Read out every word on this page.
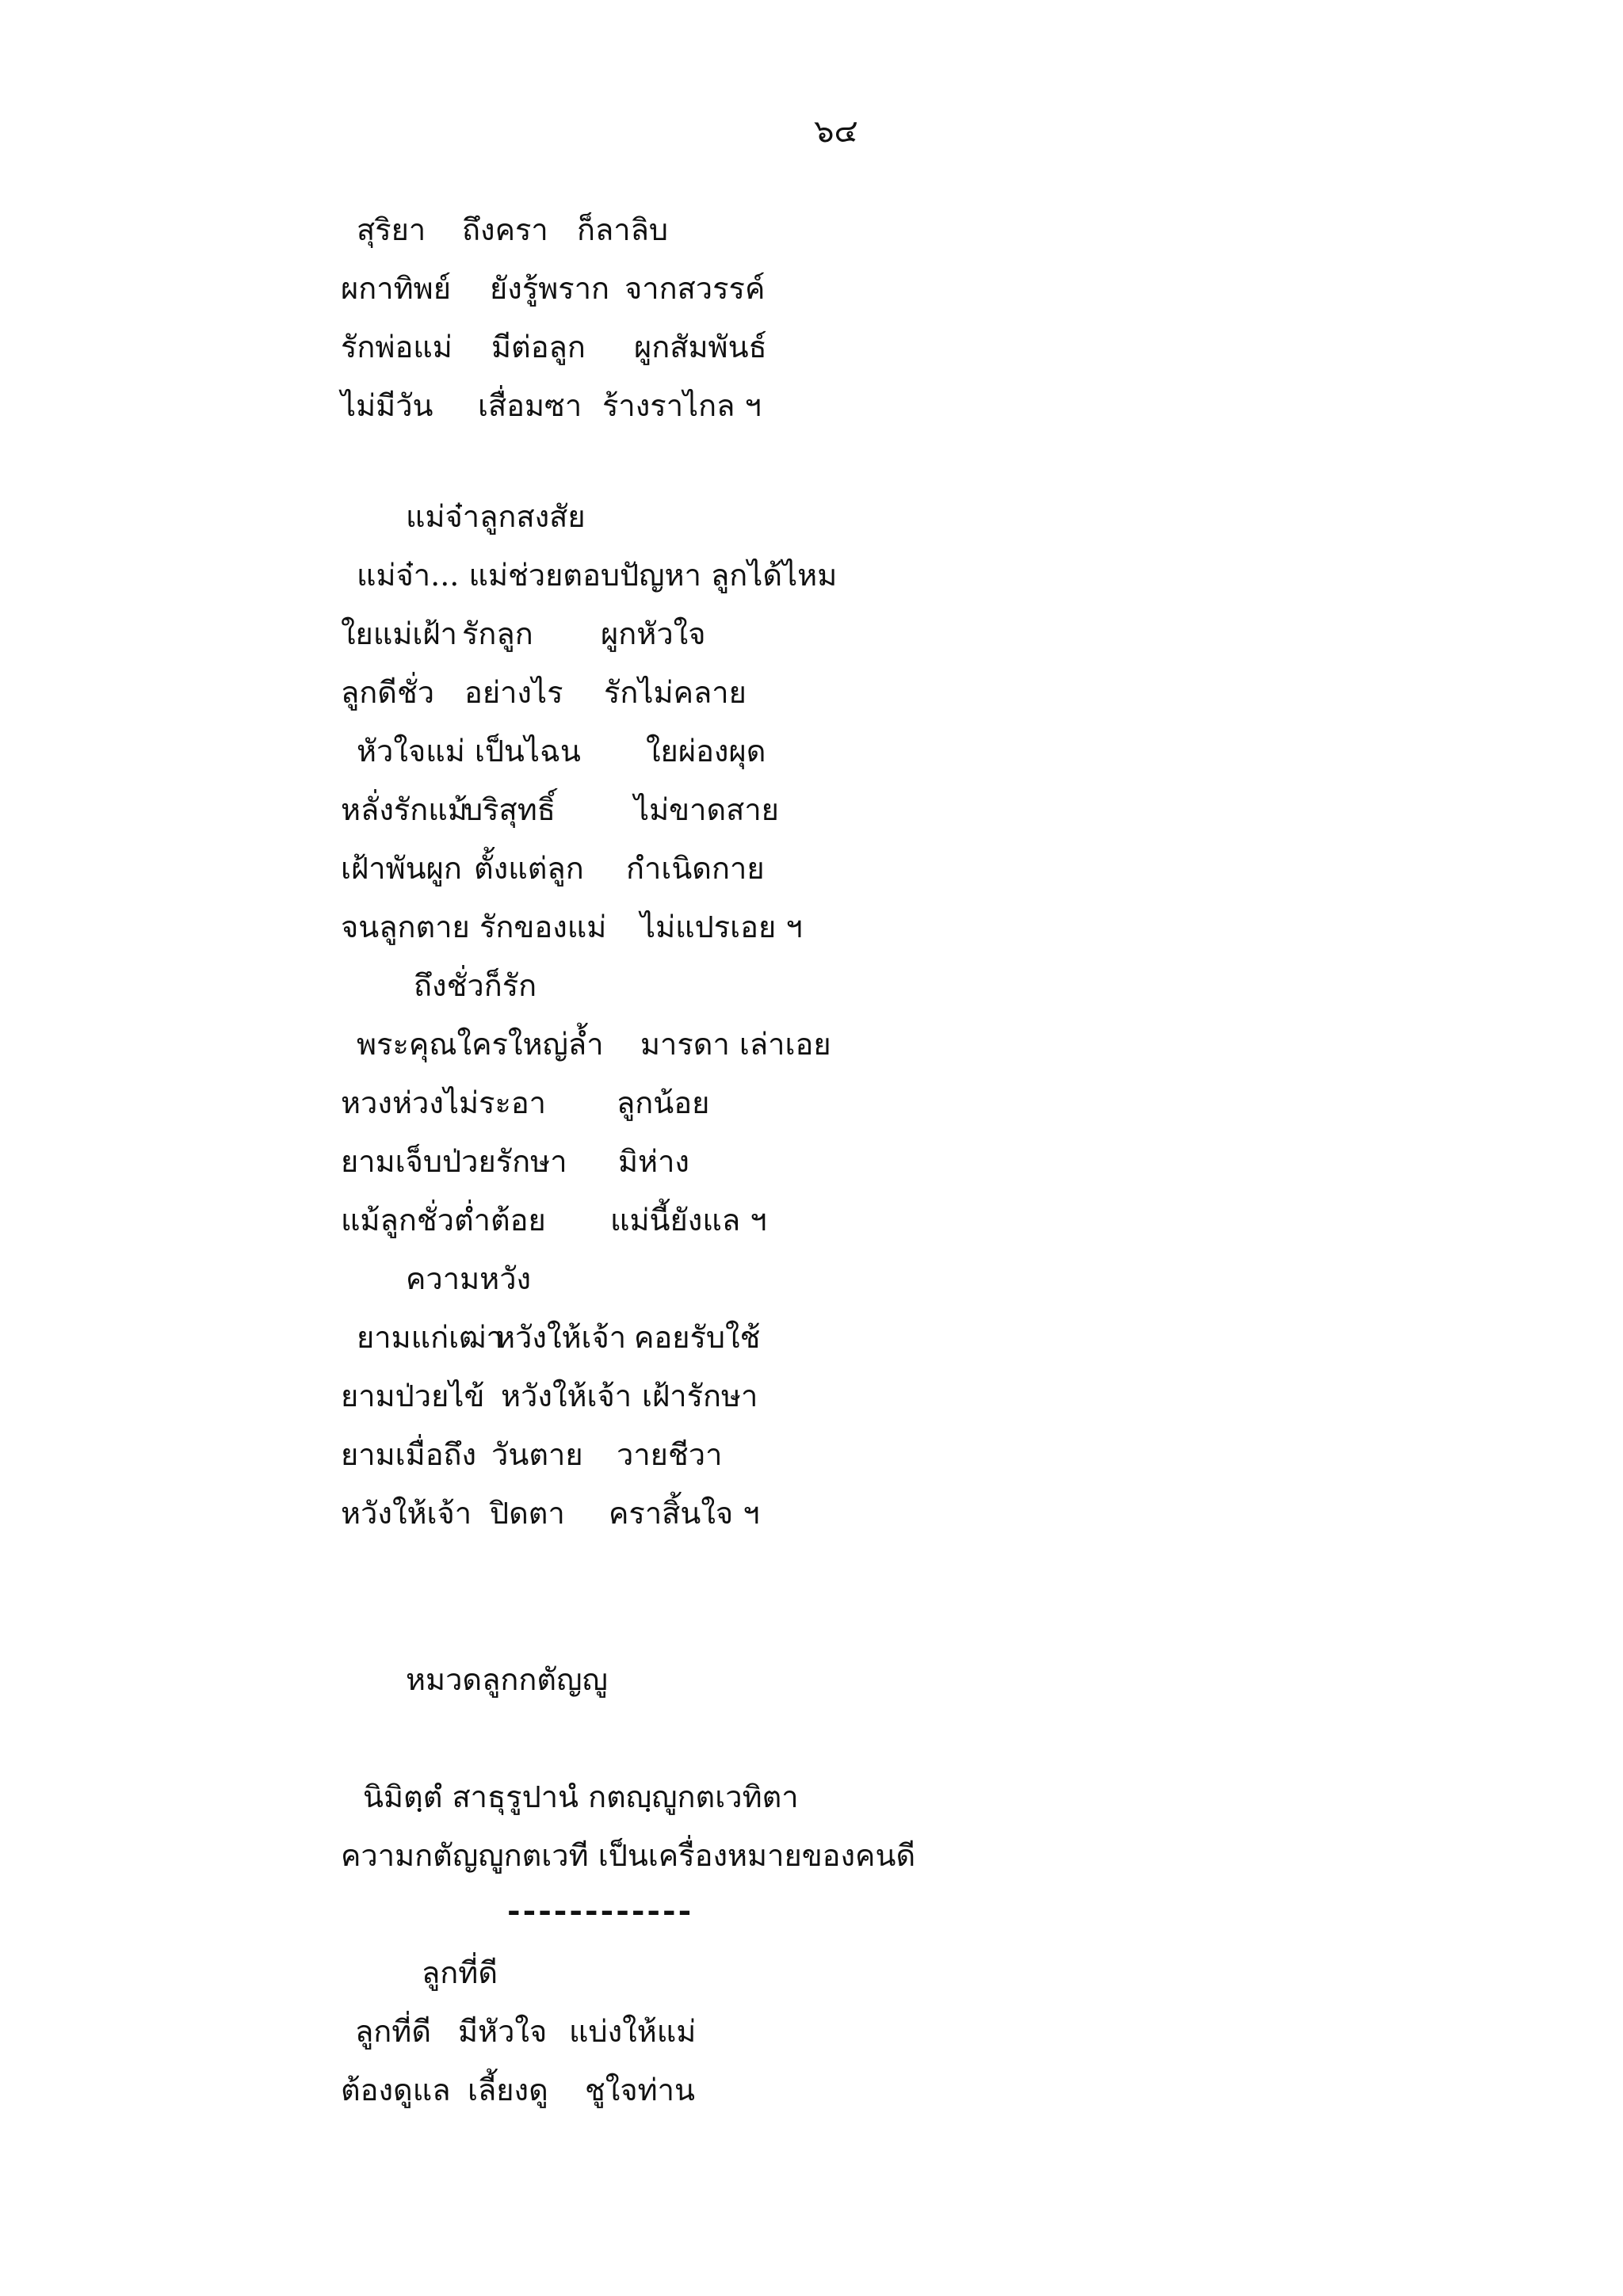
๖๔

สุริยา

ถึงครา

ก็ลาลิบ

ผกาทิพย์

ยังรู้พราก

จากสวรรค์

รักพ่อแม่

มีต่อลูก

ผูกสัมพันธ์

ไม่มีวัน

เสื่อมซา

ร้างราไกล ฯ

แม่จ๋าลูกสงสัย

แม่จ๋า... แม่ช่วยตอบปัญหา ลูกได้ไหม

ใยแม่เฝ้า

รักลูก

ผูกหัวใจ

ลูกดีชั่ว

อย่างไร

รักไม่คลาย

หัวใจแม่ เป็นไฉน

ใยผ่องผุด

หลั่งรักแม้

บริสุทธิ์

	ไม่ขาดสาย

เฝ้าพันผูก

ตั้งแต่ลูก

กำเนิดกาย

จนลูกตาย

รักของแม่

ไม่แปรเอย ฯ

ถึงชั่วก็รัก

พระคุณใครใหญ่ล้ำ

มารดา เล่าเอย

หวงห่วงไม่ระอา

ลูกน้อย

ยามเจ็บป่วยรักษา

มิห่าง

แม้ลูกชั่วต่ำต้อย

แม่นี้ยังแล ฯ

ความหวัง

ยามแก่เฒ่า

หวังให้เจ้า

คอยรับใช้

ยามป่วยไข้

หวังให้เจ้า

เฝ้ารักษา

ยามเมื่อถึง

วันตาย

วายชีวา

หวังให้เจ้า

ปิดตา

คราสิ้นใจ ฯ

หมวดลูกกตัญญู

นิมิตฺตํ สาธุรูปานํ กตญฺญูกตเวทิตา

ความกตัญญูกตเวที เป็นเครื่องหมายของคนดี

------------

ลูกที่ดี

ลูกที่ดี

มีหัวใจ

แบ่งให้แม่

ต้องดูแล

เลี้ยงดู

ชูใจท่าน
